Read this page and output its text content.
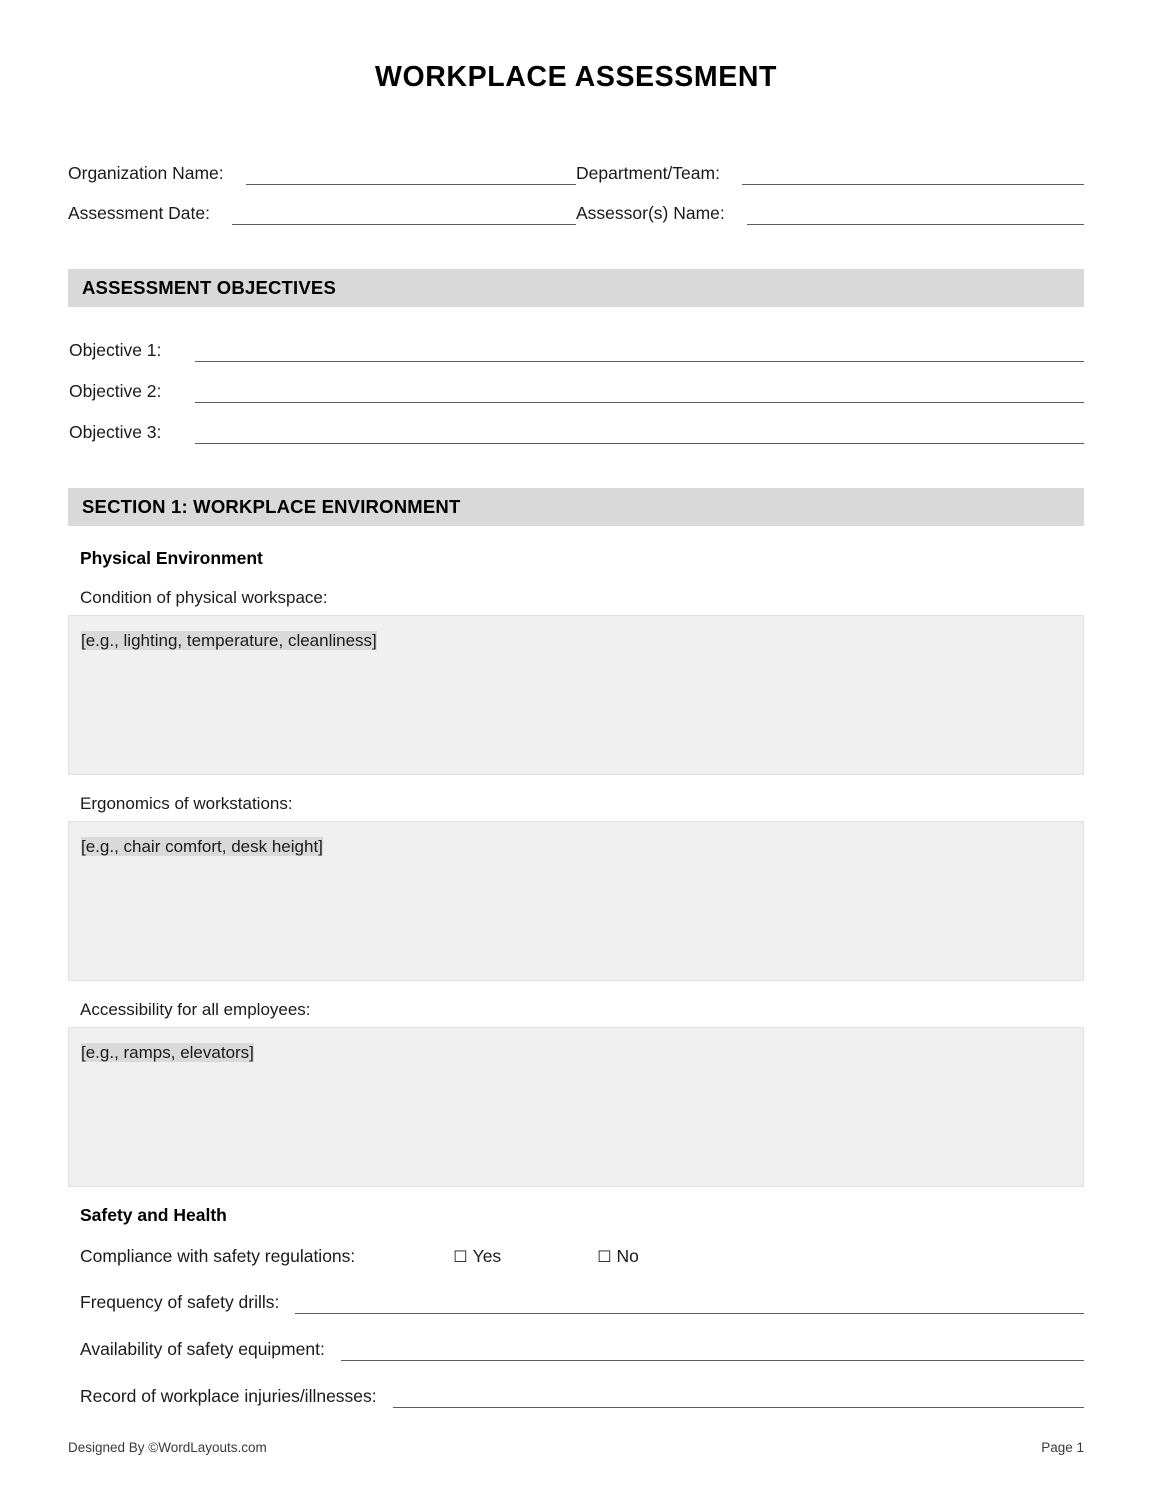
WORKPLACE ASSESSMENT
Organization Name:	Department/Team:
Assessment Date:	Assessor(s) Name:
ASSESSMENT OBJECTIVES
Objective 1:
Objective 2:
Objective 3:
SECTION 1: WORKPLACE ENVIRONMENT
Physical Environment
Condition of physical workspace:
[e.g., lighting, temperature, cleanliness]
Ergonomics of workstations:
[e.g., chair comfort, desk height]
Accessibility for all employees:
[e.g., ramps, elevators]
Safety and Health
Compliance with safety regulations:	☐ Yes	☐ No
Frequency of safety drills:
Availability of safety equipment:
Record of workplace injuries/illnesses:
Designed By ©WordLayouts.com	Page 1
